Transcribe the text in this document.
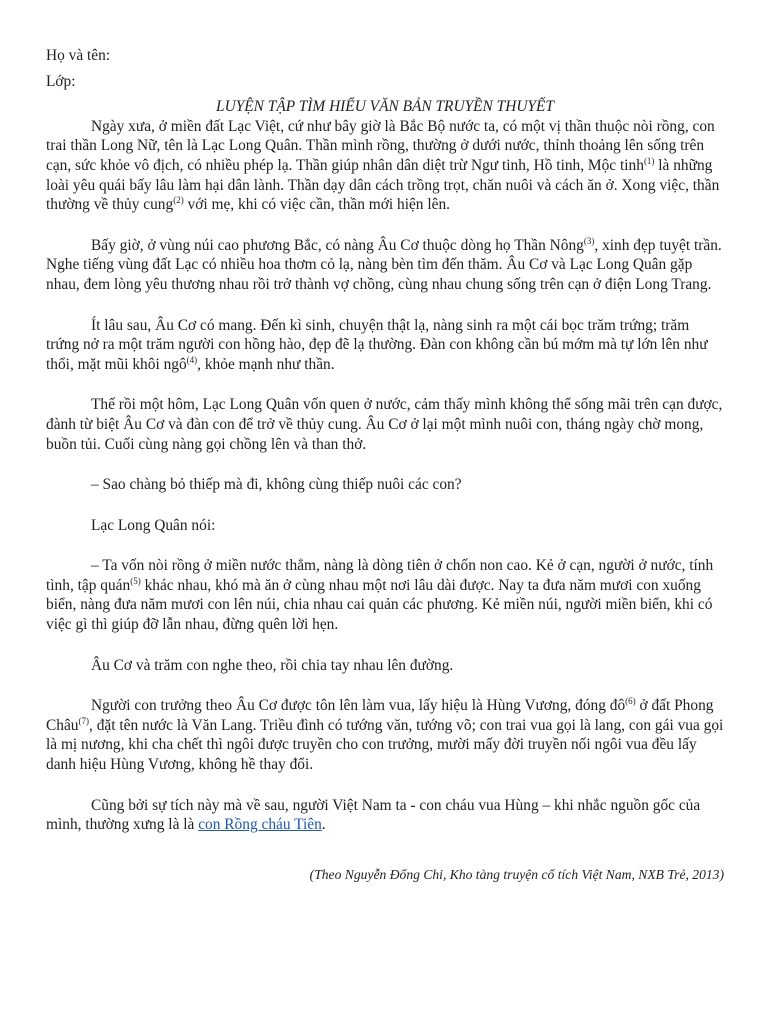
Họ và tên:
Lớp:
LUYỆN TẬP TÌM HIỂU VĂN BẢN TRUYỀN THUYẾT

Ngày xưa, ở miền đất Lạc Việt, cứ như bây giờ là Bắc Bộ nước ta, có một vị thần thuộc nòi rồng, con trai thần Long Nữ, tên là Lạc Long Quân. Thần mình rồng, thường ở dưới nước, thỉnh thoảng lên sống trên cạn, sức khỏe vô địch, có nhiều phép lạ. Thần giúp nhân dân diệt trừ Ngư tinh, Hồ tinh, Mộc tinh$^{(1)}$ là những loài yêu quái bấy lâu làm hại dân lành. Thần dạy dân cách trồng trọt, chăn nuôi và cách ăn ở. Xong việc, thần thường về thủy cung$^{(2)}$ với mẹ, khi có việc cần, thần mới hiện lên.

Bấy giờ, ở vùng núi cao phương Bắc, có nàng Âu Cơ thuộc dòng họ Thần Nông$^{(3)}$, xinh đẹp tuyệt trần. Nghe tiếng vùng đất Lạc có nhiều hoa thơm cỏ lạ, nàng bèn tìm đến thăm. Âu Cơ và Lạc Long Quân gặp nhau, đem lòng yêu thương nhau rồi trở thành vợ chồng, cùng nhau chung sống trên cạn ở điện Long Trang.

Ít lâu sau, Âu Cơ có mang. Đến kì sinh, chuyện thật lạ, nàng sinh ra một cái bọc trăm trứng; trăm trứng nở ra một trăm người con hồng hào, đẹp đẽ lạ thường. Đàn con không cần bú mớm mà tự lớn lên như thổi, mặt mũi khôi ngô$^{(4)}$, khỏe mạnh như thần.

Thế rồi một hôm, Lạc Long Quân vốn quen ở nước, cảm thấy mình không thể sống mãi trên cạn được, đành từ biệt Âu Cơ và đàn con để trở về thủy cung. Âu Cơ ở lại một mình nuôi con, tháng ngày chờ mong, buồn tủi. Cuối cùng nàng gọi chồng lên và than thở.

– Sao chàng bỏ thiếp mà đi, không cùng thiếp nuôi các con?

Lạc Long Quân nói:

– Ta vốn nòi rồng ở miền nước thẳm, nàng là dòng tiên ở chốn non cao. Kẻ ở cạn, người ở nước, tính tình, tập quán$^{(5)}$ khác nhau, khó mà ăn ở cùng nhau một nơi lâu dài được. Nay ta đưa năm mươi con xuống biển, nàng đưa năm mươi con lên núi, chia nhau cai quản các phương. Kẻ miền núi, người miền biển, khi có việc gì thì giúp đỡ lẫn nhau, đừng quên lời hẹn.

Âu Cơ và trăm con nghe theo, rồi chia tay nhau lên đường.

Người con trưởng theo Âu Cơ được tôn lên làm vua, lấy hiệu là Hùng Vương, đóng $đô^{(6)}$ ở đất Phong Châu$^{(7)}$, đặt tên nước là Văn Lang. Triều đình có tướng văn, tướng võ; con trai vua gọi là lang, con gái vua gọi là mị nương, khi cha chết thì ngôi được truyền cho con trưởng, mười mấy đời truyền nối ngôi vua đều lấy danh hiệu Hùng Vương, không hề thay đổi.

Cũng bởi sự tích này mà về sau, người Việt Nam ta - con cháu vua Hùng – khi nhắc nguồn gốc của mình, thường xưng là là con Rồng cháu Tiên.

(Theo Nguyễn Đổng Chi, Kho tàng truyện cổ tích Việt Nam, NXB Trẻ, 2013)
